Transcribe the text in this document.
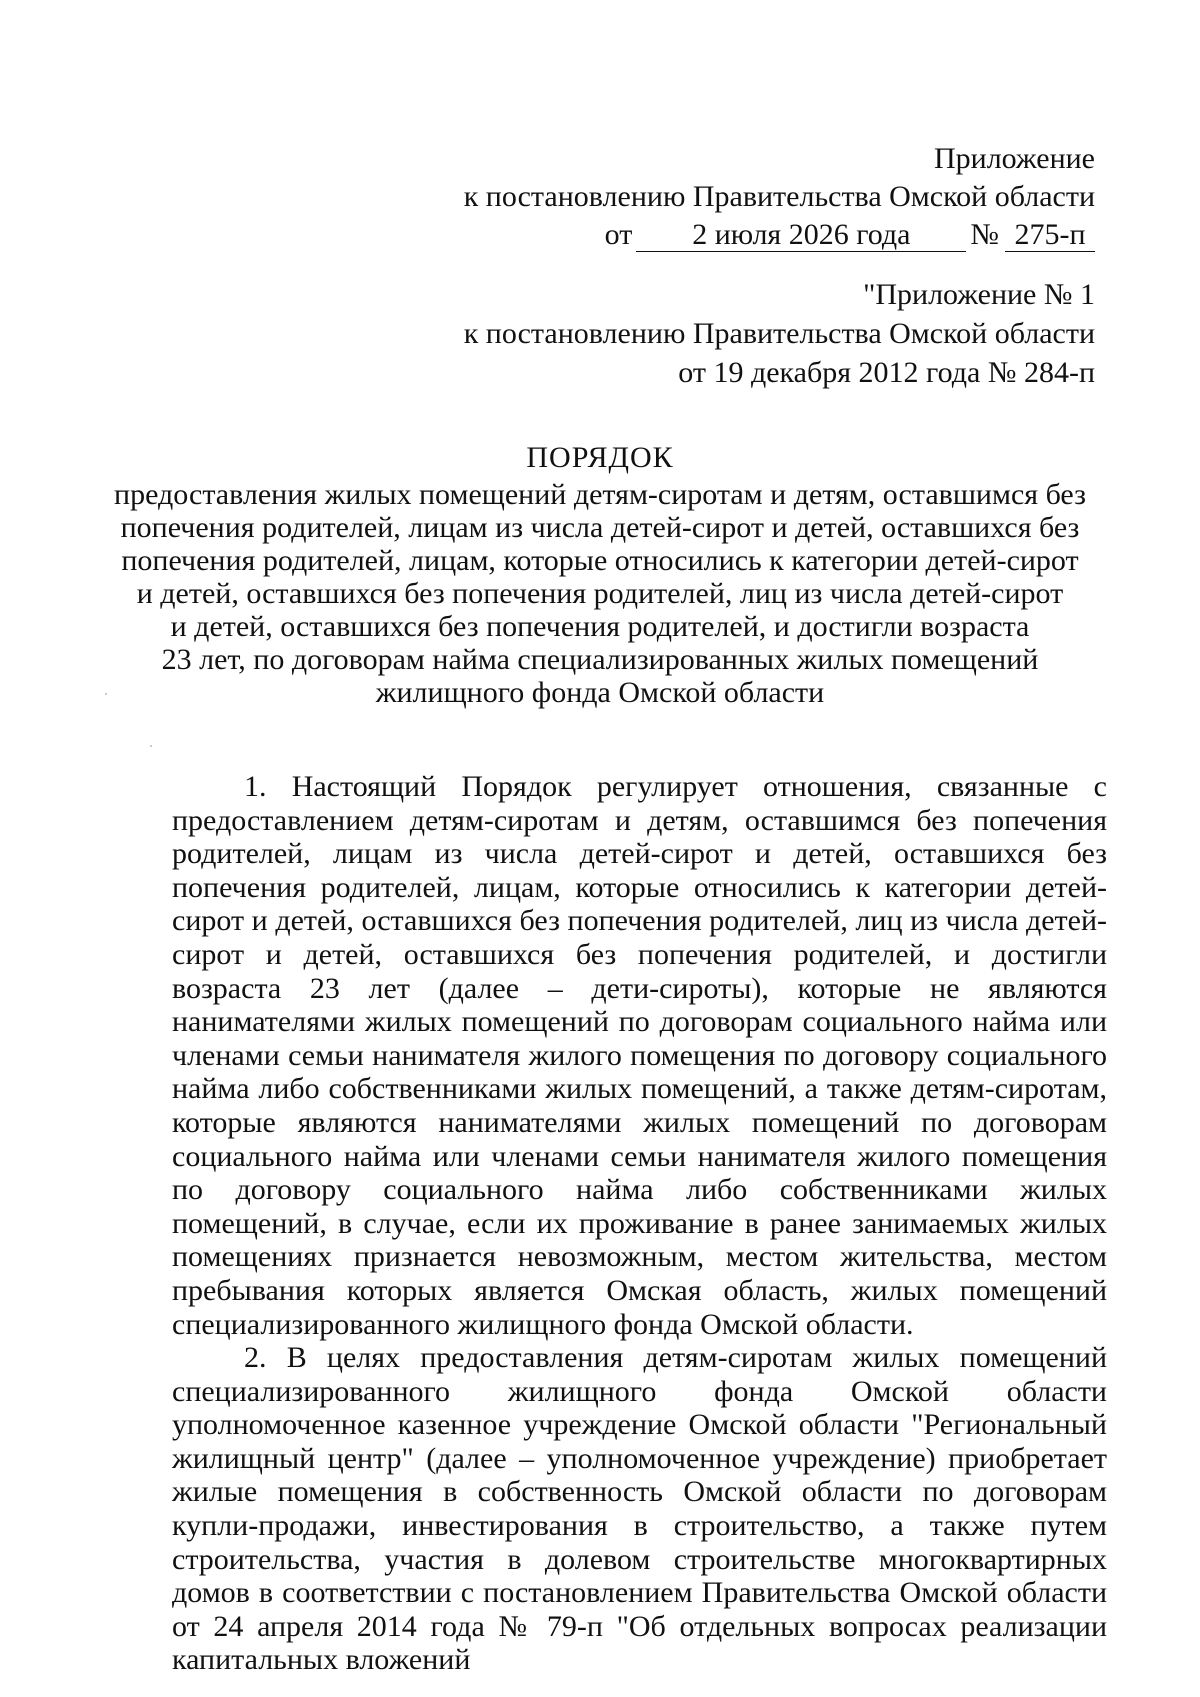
Приложение
к постановлению Правительства Омской области
от	2 июля 2026 года	№ 275-п
"Приложение № 1
к постановлению Правительства Омской области
от 19 декабря 2012 года № 284-п
ПОРЯДОК
предоставления жилых помещений детям-сиротам и детям, оставшимся без
попечения родителей, лицам из числа детей-сирот и детей, оставшихся без
попечения родителей, лицам, которые относились к категории детей-сирот
и детей, оставшихся без попечения родителей, лиц из числа детей-сирот
и детей, оставшихся без попечения родителей, и достигли возраста
23 лет, по договорам найма специализированных жилых помещений
жилищного фонда Омской области

1. Настоящий Порядок регулирует отношения, связанные с предоставлением детям-сиротам и детям, оставшимся без попечения родителей, лицам из числа детей-сирот и детей, оставшихся без попечения родителей, лицам, которые относились к категории детей-сирот и детей, оставшихся без попечения родителей, лиц из числа детей-сирот и детей, оставшихся без попечения родителей, и достигли возраста 23 лет (далее – дети-сироты), которые не являются нанимателями жилых помещений по договорам социального найма или членами семьи нанимателя жилого помещения по договору социального найма либо собственниками жилых помещений, а также детям-сиротам, которые являются нанимателями жилых помещений по договорам социального найма или членами семьи нанимателя жилого помещения по договору социального найма либо собственниками жилых помещений, в случае, если их проживание в ранее занимаемых жилых помещениях признается невозможным, местом жительства, местом пребывания которых является Омская область, жилых помещений специализированного жилищного фонда Омской области.

2. В целях предоставления детям-сиротам жилых помещений специализированного жилищного фонда Омской области уполномоченное казенное учреждение Омской области "Региональный жилищный центр" (далее – уполномоченное учреждение) приобретает жилые помещения в собственность Омской области по договорам купли-продажи, инвестирования в строительство, а также путем строительства, участия в долевом строительстве многоквартирных домов в соответствии с постановлением Правительства Омской области от 24 апреля 2014 года № 79-п "Об отдельных вопросах реализации капитальных вложений
